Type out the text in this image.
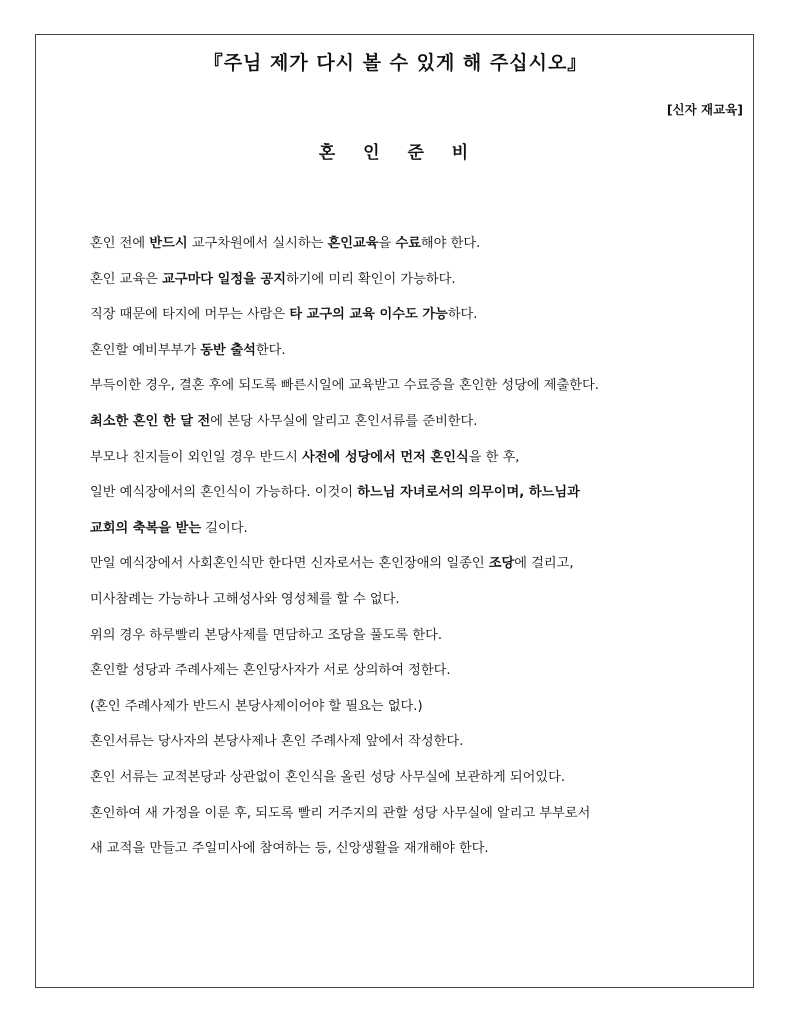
『주님 제가 다시 볼 수 있게 해 주십시오』
[신자 재교육]
혼 인 준 비
혼인 전에 반드시 교구차원에서 실시하는 혼인교육을 수료해야 한다.
혼인 교육은 교구마다 일정을 공지하기에 미리 확인이 가능하다.
직장 때문에 타지에 머무는 사람은 타 교구의 교육 이수도 가능하다.
혼인할 예비부부가 동반 출석한다.
부득이한 경우, 결혼 후에 되도록 빠른시일에 교육받고 수료증을 혼인한 성당에 제출한다.
최소한 혼인 한 달 전에 본당 사무실에 알리고 혼인서류를 준비한다.
부모나 친지들이 외인일 경우 반드시 사전에 성당에서 먼저 혼인식을 한 후,
일반 예식장에서의 혼인식이 가능하다. 이것이 하느님 자녀로서의 의무이며, 하느님과
교회의 축복을 받는 길이다.
만일 예식장에서 사회혼인식만 한다면 신자로서는 혼인장애의 일종인 조당에 걸리고,
미사참례는 가능하나 고해성사와 영성체를 할 수 없다.
위의 경우 하루빨리 본당사제를 면담하고 조당을 풀도록 한다.
혼인할 성당과 주례사제는 혼인당사자가 서로 상의하여 정한다.
(혼인 주례사제가 반드시 본당사제이어야 할 필요는 없다.)
혼인서류는 당사자의 본당사제나 혼인 주례사제 앞에서 작성한다.
혼인 서류는 교적본당과 상관없이 혼인식을 올린 성당 사무실에 보관하게 되어있다.
혼인하여 새 가정을 이룬 후, 되도록 빨리 거주지의 관할 성당 사무실에 알리고 부부로서
새 교적을 만들고 주일미사에 참여하는 등, 신앙생활을 재개해야 한다.
